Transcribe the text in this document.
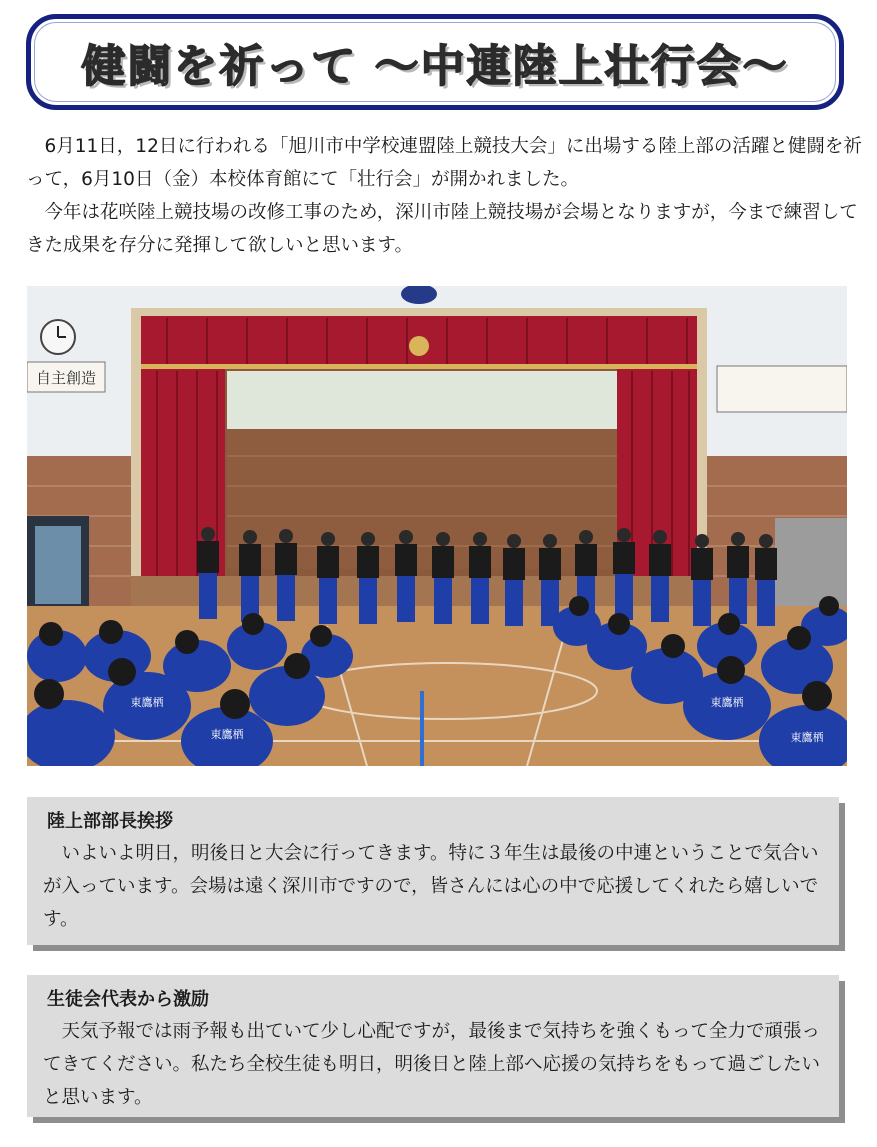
健闘を祈って ～中連陸上壮行会～

6月11日，12日に行われる「旭川市中学校連盟陸上競技大会」に出場する陸上部の活躍と健闘を祈って，6月10日（金）本校体育館にて「壮行会」が開かれました。

今年は花咲陸上競技場の改修工事のため，深川市陸上競技場が会場となりますが，今まで練習してきた成果を存分に発揮して欲しいと思います。

自主創造
東鷹栖
東鷹栖	東鷹栖
東鷹栖
陸上部部長挨拶

いよいよ明日，明後日と大会に行ってきます。特に３年生は最後の中連ということで気合いが入っています。会場は遠く深川市ですので，皆さんには心の中で応援してくれたら嬉しいです。

生徒会代表から激励

天気予報では雨予報も出ていて少し心配ですが，最後まで気持ちを強くもって全力で頑張ってきてください。私たち全校生徒も明日，明後日と陸上部へ応援の気持ちをもって過ごしたいと思います。
